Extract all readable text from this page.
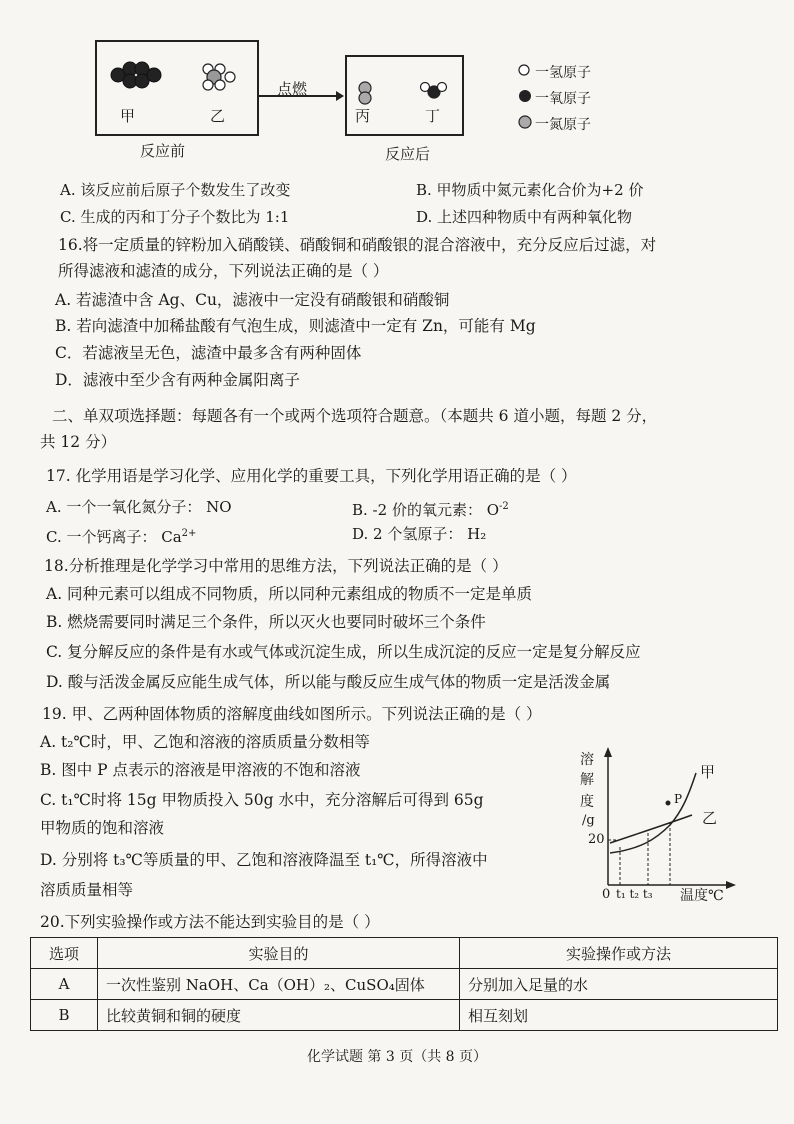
甲	乙
反应前
点燃
丙	丁
反应后
一氢原子
一氧原子
一氮原子
A. 该反应前后原子个数发生了改变	B. 甲物质中氮元素化合价为+2 价
C. 生成的丙和丁分子个数比为 1:1	D. 上述四种物质中有两种氧化物
16.将一定质量的锌粉加入硝酸镁、硝酸铜和硝酸银的混合溶液中，充分反应后过滤，对
所得滤液和滤渣的成分，下列说法正确的是（ ）
A. 若滤渣中含 Ag、Cu，滤液中一定没有硝酸银和硝酸铜
B. 若向滤渣中加稀盐酸有气泡生成，则滤渣中一定有 Zn，可能有 Mg
C．若滤液呈无色，滤渣中最多含有两种固体
D．滤液中至少含有两种金属阳离子
二、单双项选择题：每题各有一个或两个选项符合题意。（本题共 6 道小题，每题 2 分，
共 12 分）
17. 化学用语是学习化学、应用化学的重要工具，下列化学用语正确的是（ ）
A. 一个一氧化氮分子： NO	B. -2 价的氧元素： $O^{-2}$
C. 一个钙离子： $Ca^{2+}$	D. 2 个氢原子： H₂
18.分析推理是化学学习中常用的思维方法，下列说法正确的是（ ）
A. 同种元素可以组成不同物质，所以同种元素组成的物质不一定是单质
B. 燃烧需要同时满足三个条件，所以灭火也要同时破坏三个条件
C. 复分解反应的条件是有水或气体或沉淀生成，所以生成沉淀的反应一定是复分解反应
D. 酸与活泼金属反应能生成气体，所以能与酸反应生成气体的物质一定是活泼金属
19. 甲、乙两种固体物质的溶解度曲线如图所示。下列说法正确的是（ ）
A. t₂℃时，甲、乙饱和溶液的溶质质量分数相等
B. 图中 P 点表示的溶液是甲溶液的不饱和溶液
C. t₁℃时将 15g 甲物质投入 50g 水中，充分溶解后可得到 65g
甲物质的饱和溶液
D. 分别将 t₃℃等质量的甲、乙饱和溶液降温至 t₁℃，所得溶液中
溶质质量相等
溶
解
度
/g
20
0 t₁ t₂ t₃ 温度℃
甲
乙
P
20.下列实验操作或方法不能达到实验目的是（ ）
选项	实验目的	实验操作或方法
A	一次性鉴别 NaOH、Ca（OH）₂、CuSO₄固体	分别加入足量的水
B	比较黄铜和铜的硬度	相互刻划
化学试题 第 3 页（共 8 页）
